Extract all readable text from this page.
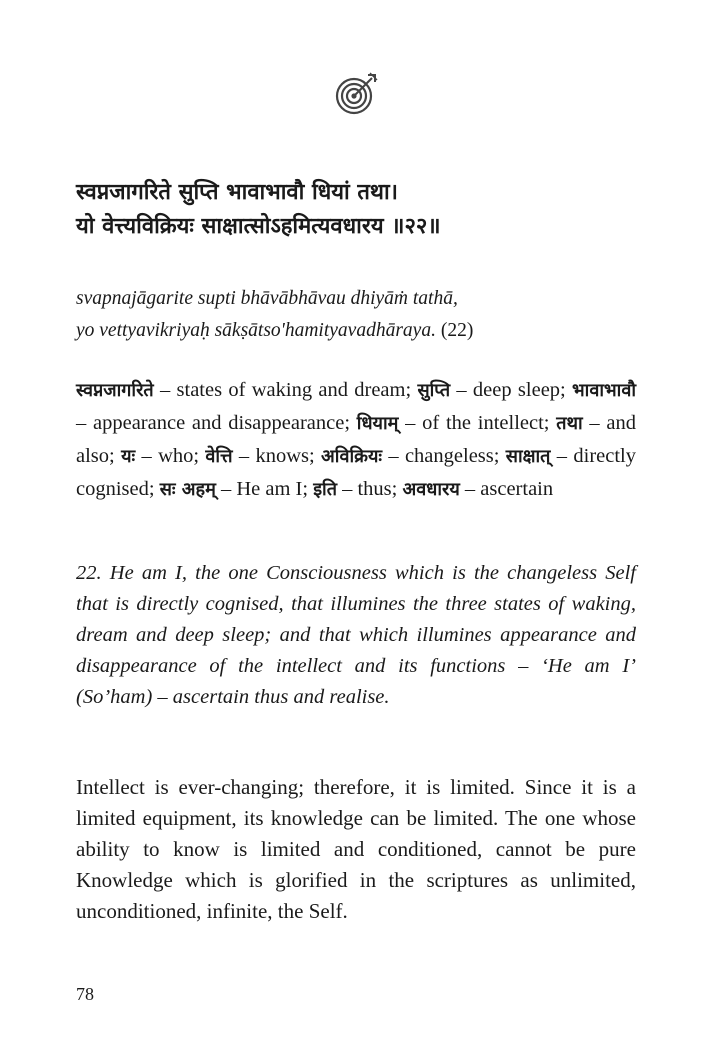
स्वप्नजागरिते सुप्ति भावाभावौ धियां तथा।
यो वेत्त्यविक्रियः साक्षात्सोऽहमित्यवधारय ॥२२॥
svapnajāgarite supti bhāvābhāvau dhiyāṁ tathā,
yo vettyavikriyaḥ sākṣātso'hamityavadhāraya. (22)
स्वप्नजागरिते – states of waking and dream; सुप्ति – deep sleep; भावाभावौ – appearance and disappearance; धियाम् – of the intellect; तथा – and also; यः – who; वेत्ति – knows; अविक्रियः – changeless; साक्षात् – directly cognised; सः अहम् – He am I; इति – thus; अवधारय – ascertain
22. He am I, the one Consciousness which is the changeless Self that is directly cognised, that illumines the three states of waking, dream and deep sleep; and that which illumines appearance and disappearance of the intellect and its functions – ‘He am I’ (So’ham) – ascertain thus and realise.
Intellect is ever-changing; therefore, it is limited. Since it is a limited equipment, its knowledge can be limited. The one whose ability to know is limited and conditioned, cannot be pure Knowledge which is glorified in the scriptures as unlimited, unconditioned, infinite, the Self.
78
